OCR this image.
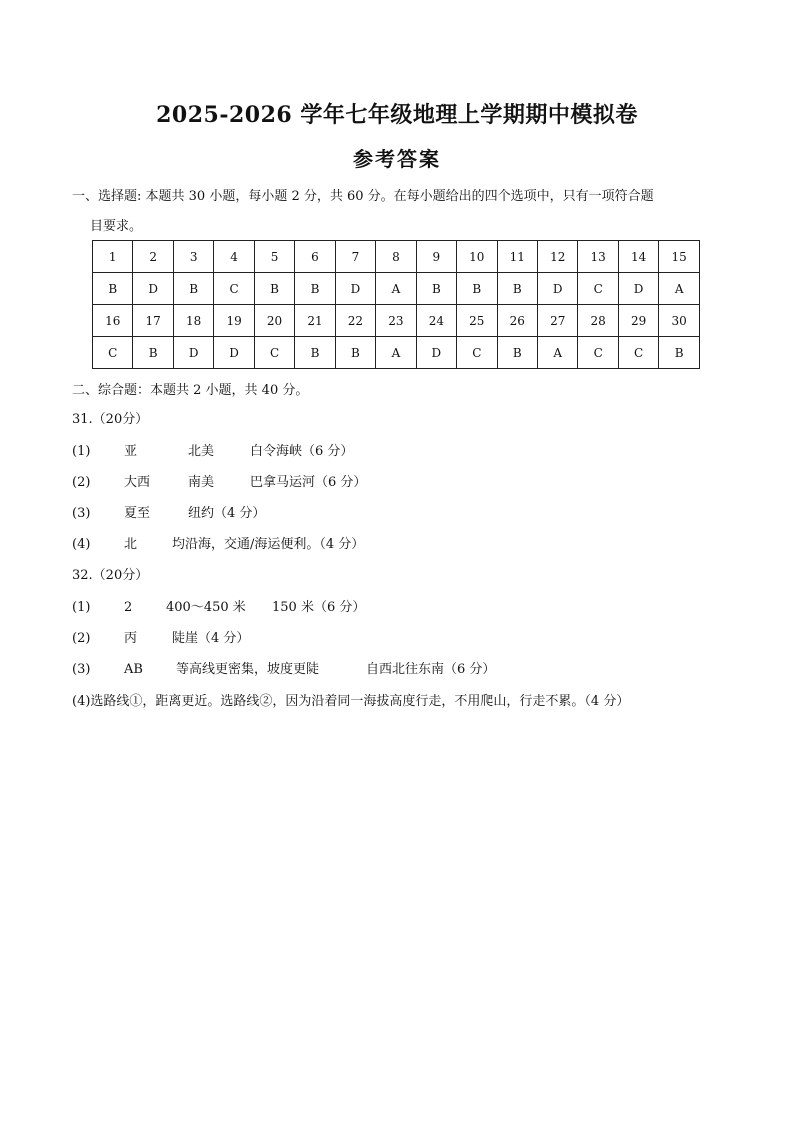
2025-2026 学年七年级地理上学期期中模拟卷
参考答案
一、选择题: 本题共 30 小题，每小题 2 分，共 60 分。在每小题给出的四个选项中，只有一项符合题
目要求。
1	2	3	4	5	6	7	8	9	10	11	12	13	14	15
B	D	B	C	B	B	D	A	B	B	B	D	C	D	A
16	17	18	19	20	21	22	23	24	25	26	27	28	29	30
C	B	D	D	C	B	B	A	D	C	B	A	C	C	B
二、综合题：本题共 2 小题，共 40 分。
31.（20分）
(1)	亚	北美	白令海峡（6 分）
(2)	大西	南美	巴拿马运河（6 分）
(3)	夏至	纽约（4 分）
(4)	北	均沿海，交通/海运便利。（4 分）
32.（20分）
(1)	2	400～450 米 150 米（6 分）
(2)	丙	陡崖（4 分）
(3)	AB	等高线更密集，坡度更陡	自西北往东南（6 分）
(4)选路线①，距离更近。选路线②，因为沿着同一海拔高度行走，不用爬山，行走不累。（4 分）
